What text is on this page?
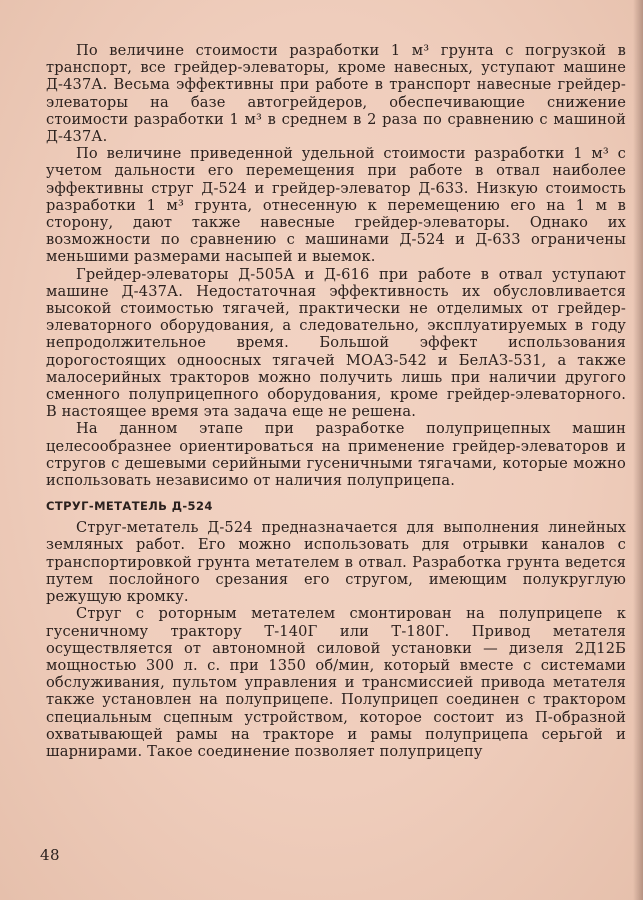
По величине стоимости разработки 1 м³ грунта с погрузкой в транспорт, все грейдер-элеваторы, кроме навесных, уступают машине Д-437А. Весьма эффективны при работе в транспорт навесные грейдер-элеваторы на базе автогрейдеров, обеспечивающие снижение стоимости разработки 1 м³ в среднем в 2 раза по сравнению с машиной Д-437А.

По величине приведенной удельной стоимости разработки 1 м³ с учетом дальности его перемещения при работе в отвал наиболее эффективны струг Д-524 и грейдер-элеватор Д-633. Низкую стоимость разработки 1 м³ грунта, отнесенную к перемещению его на 1 м в сторону, дают также навесные грейдер-элеваторы. Однако их возможности по сравнению с машинами Д-524 и Д-633 ограничены меньшими размерами насыпей и выемок.

Грейдер-элеваторы Д-505А и Д-616 при работе в отвал уступают машине Д-437А. Недостаточная эффективность их обусловливается высокой стоимостью тягачей, практически не отделимых от грейдер-элеваторного оборудования, а следовательно, эксплуатируемых в году непродолжительное время. Большой эффект использования дорогостоящих одноосных тягачей МОАЗ-542 и БелАЗ-531, а также малосерийных тракторов можно получить лишь при наличии другого сменного полуприцепного оборудования, кроме грейдер-элеваторного. В настоящее время эта задача еще не решена.

На данном этапе при разработке полуприцепных машин целесообразнее ориентироваться на применение грейдер-элеваторов и стругов с дешевыми серийными гусеничными тягачами, которые можно использовать независимо от наличия полуприцепа.

СТРУГ-МЕТАТЕЛЬ Д-524

Струг-метатель Д-524 предназначается для выполнения линейных земляных работ. Его можно использовать для отрывки каналов с транспортировкой грунта метателем в отвал. Разработка грунта ведется путем послойного срезания его стругом, имеющим полукруглую режущую кромку.

Струг с роторным метателем смонтирован на полуприцепе к гусеничному трактору Т-140Г или Т-180Г. Привод метателя осуществляется от автономной силовой установки — дизеля 2Д12Б мощностью 300 л. с. при 1350 об/мин, который вместе с системами обслуживания, пультом управления и трансмиссией привода метателя также установлен на полуприцепе. Полуприцеп соединен с трактором специальным сцепным устройством, которое состоит из П-образной охватывающей рамы на тракторе и рамы полуприцепа серьгой и шарнирами. Такое соединение позволяет полуприцепу

48
